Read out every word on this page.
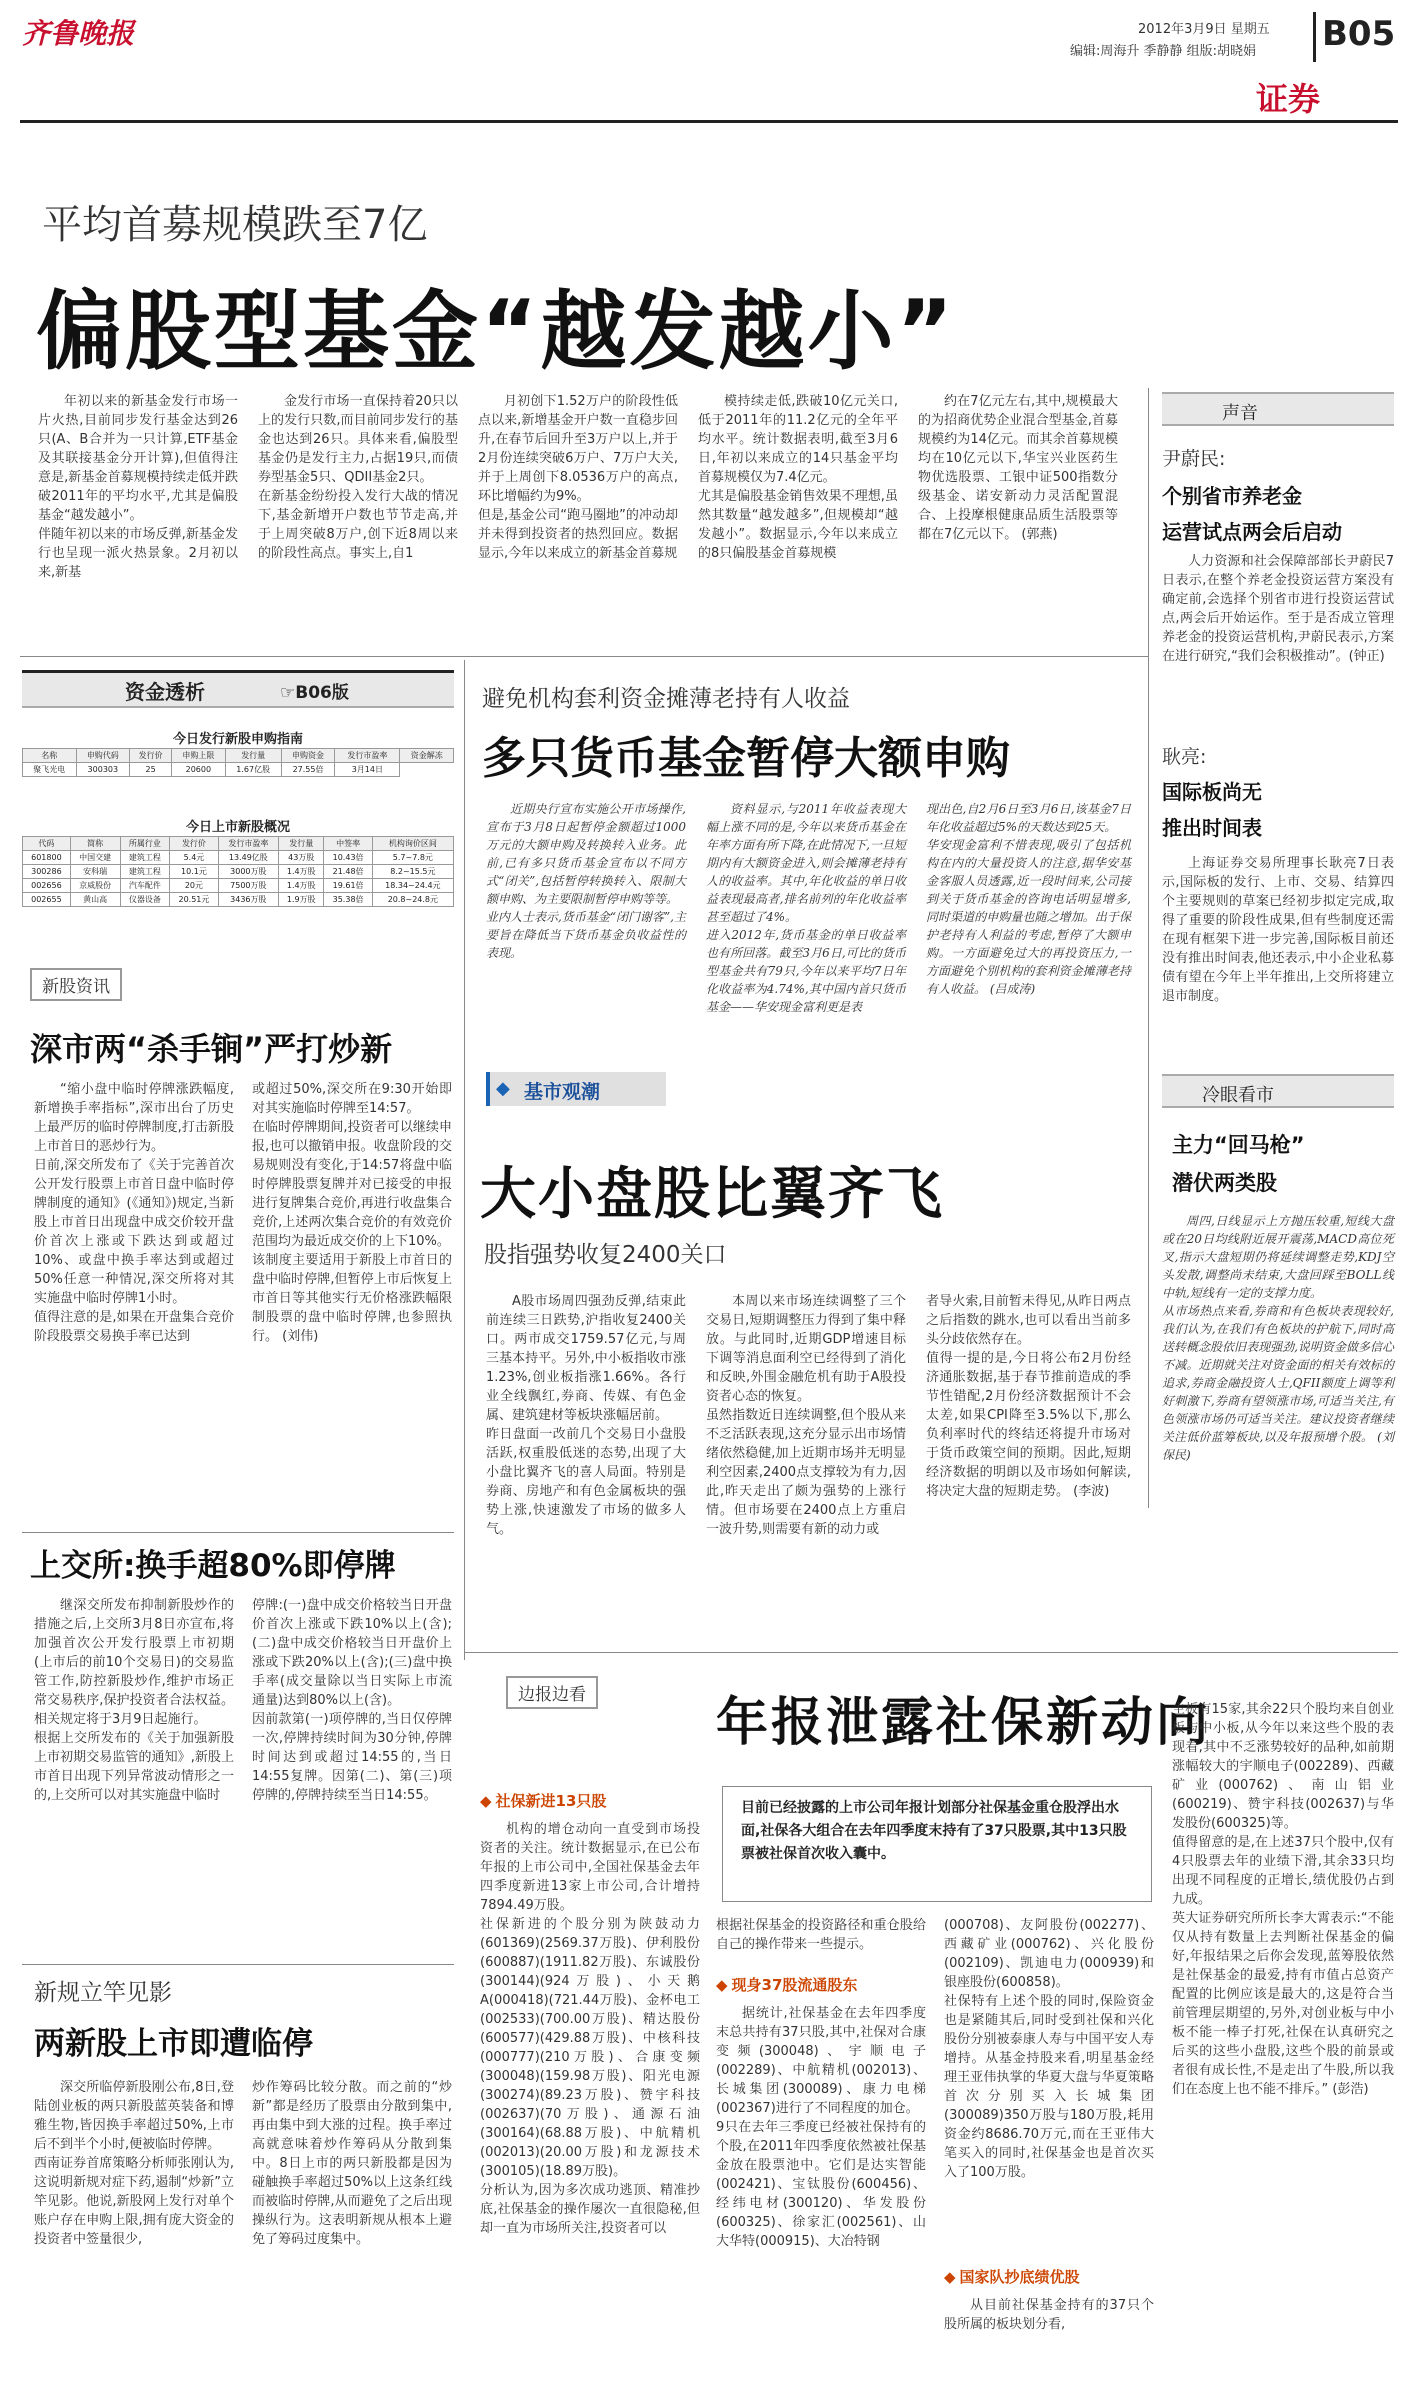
齐鲁晚报	2012年3月9日 星期五
编辑:周海升 季静静 组版:胡晓娟 B05
证券
平均首募规模跌至7亿
偏股型基金“越发越小”
年初以来的新基金发行市场一片火热,目前同步发行基金达到26只(A、B合并为一只计算,ETF基金及其联接基金分开计算),但值得注意是,新基金首募规模持续走低并跌破2011年的平均水平,尤其是偏股基金“越发越小”。
伴随年初以来的市场反弹,新基金发行也呈现一派火热景象。2月初以来,新基
金发行市场一直保持着20只以上的发行只数,而目前同步发行的基金也达到26只。具体来看,偏股型基金仍是发行主力,占据19只,而债券型基金5只、QDII基金2只。
在新基金纷纷投入发行大战的情况下,基金新增开户数也节节走高,并于上周突破8万户,创下近8周以来的阶段性高点。事实上,自1
月初创下1.52万户的阶段性低点以来,新增基金开户数一直稳步回升,在春节后回升至3万户以上,并于2月份连续突破6万户、7万户大关,并于上周创下8.0536万户的高点,环比增幅约为9%。
但是,基金公司“跑马圈地”的冲动却并未得到投资者的热烈回应。数据显示,今年以来成立的新基金首募规
模持续走低,跌破10亿元关口,低于2011年的11.2亿元的全年平均水平。统计数据表明,截至3月6日,年初以来成立的14只基金平均首募规模仅为7.4亿元。
尤其是偏股基金销售效果不理想,虽然其数量“越发越多”,但规模却“越发越小”。数据显示,今年以来成立的8只偏股基金首募规模
约在7亿元左右,其中,规模最大的为招商优势企业混合型基金,首募规模约为14亿元。而其余首募规模均在10亿元以下,华宝兴业医药生物优选股票、工银中证500指数分级基金、诺安新动力灵活配置混合、上投摩根健康品质生活股票等都在7亿元以下。 (郭燕)
声音
尹蔚民:
个别省市养老金
运营试点两会后启动
人力资源和社会保障部部长尹蔚民7日表示,在整个养老金投资运营方案没有确定前,会选择个别省市进行投资运营试点,两会后开始运作。至于是否成立管理养老金的投资运营机构,尹蔚民表示,方案在进行研究,“我们会积极推动”。(钟正)
耿亮:
国际板尚无
推出时间表
上海证券交易所理事长耿亮7日表示,国际板的发行、上市、交易、结算四个主要规则的草案已经初步拟定完成,取得了重要的阶段性成果,但有些制度还需在现有框架下进一步完善,国际板目前还没有推出时间表,他还表示,中小企业私募债有望在今年上半年推出,上交所将建立退市制度。
冷眼看市
主力“回马枪”
潜伏两类股
周四,日线显示上方抛压较重,短线大盘或在20日均线附近展开震荡,MACD高位死叉,指示大盘短期仍将延续调整走势,KDJ空头发散,调整尚未结束,大盘回踩至BOLL线中轨,短线有一定的支撑力度。
从市场热点来看,券商和有色板块表现较好,我们认为,在我们有色板块的护航下,同时高送转概念股依旧表现强劲,说明资金做多信心不减。近期就关注对资金面的相关有效标的追求,券商金融投资人士,QFII额度上调等利好刺激下,券商有望领涨市场,可适当关注,有色领涨市场仍可适当关注。建议投资者继续关注低价蓝筹板块,以及年报预增个股。 (刘保民)
资金透析	☞B06版
今日发行新股申购指南
名称	申购代码	发行价	申购上限	发行量	申购资金	发行市盈率	资金解冻
聚飞光电	300303	25	20600	1.67亿股	27.55倍	3月14日	
今日上市新股概况
代码	简称	所属行业	发行价	发行市盈率	发行量	中签率	机构询价区间
601800	中国交建	建筑工程	5.4元	13.49亿股	43万股	10.43倍	5.7~7.8元
300286	安科瑞	建筑工程	10.1元	3000万股	1.4万股	21.48倍	8.2~15.5元
002656	京威股份	汽车配件	20元	7500万股	1.4万股	19.61倍	18.34~24.4元
002655	黄山高	仪器设备	20.51元	3436万股	1.9万股	35.38倍	20.8~24.8元
新股资讯
深市两“杀手锏”严打炒新
“缩小盘中临时停牌涨跌幅度,新增换手率指标”,深市出台了历史上最严厉的临时停牌制度,打击新股上市首日的恶炒行为。
日前,深交所发布了《关于完善首次公开发行股票上市首日盘中临时停牌制度的通知》(《通知》)规定,当新股上市首日出现盘中成交价较开盘价首次上涨或下跌达到或超过10%、或盘中换手率达到或超过50%任意一种情况,深交所将对其实施盘中临时停牌1小时。
值得注意的是,如果在开盘集合竞价阶段股票交易换手率已达到
或超过50%,深交所在9:30开始即对其实施临时停牌至14:57。
在临时停牌期间,投资者可以继续申报,也可以撤销申报。收盘阶段的交易规则没有变化,于14:57将盘中临时停牌股票复牌并对已接受的申报进行复牌集合竞价,再进行收盘集合竞价,上述两次集合竞价的有效竞价范围均为最近成交价的上下10%。
该制度主要适用于新股上市首日的盘中临时停牌,但暂停上市后恢复上市首日等其他实行无价格涨跌幅限制股票的盘中临时停牌,也参照执行。 (刘伟)
上交所:换手超80%即停牌
继深交所发布抑制新股炒作的措施之后,上交所3月8日亦宣布,将加强首次公开发行股票上市初期(上市后的前10个交易日)的交易监管工作,防控新股炒作,维护市场正常交易秩序,保护投资者合法权益。相关规定将于3月9日起施行。
根据上交所发布的《关于加强新股上市初期交易监管的通知》,新股上市首日出现下列异常波动情形之一的,上交所可以对其实施盘中临时
停牌:(一)盘中成交价格较当日开盘价首次上涨或下跌10%以上(含);(二)盘中成交价格较当日开盘价上涨或下跌20%以上(含);(三)盘中换手率(成交量除以当日实际上市流通量)达到80%以上(含)。
因前款第(一)项停牌的,当日仅停牌一次,停牌持续时间为30分钟,停牌时间达到或超过14:55的,当日14:55复牌。因第(二)、第(三)项停牌的,停牌持续至当日14:55。
新规立竿见影
两新股上市即遭临停
深交所临停新股刚公布,8日,登陆创业板的两只新股蓝英装备和博雅生物,皆因换手率超过50%,上市后不到半个小时,便被临时停牌。
西南证券首席策略分析师张刚认为,这说明新规对症下药,遏制“炒新”立竿见影。他说,新股网上发行对单个账户存在申购上限,拥有庞大资金的投资者中签量很少,
炒作筹码比较分散。而之前的“炒新”都是经历了股票由分散到集中,再由集中到大涨的过程。换手率过高就意味着炒作筹码从分散到集中。8日上市的两只新股都是因为碰触换手率超过50%以上这条红线而被临时停牌,从而避免了之后出现操纵行为。这表明新规从根本上避免了筹码过度集中。
避免机构套利资金摊薄老持有人收益
多只货币基金暂停大额申购
近期央行宣布实施公开市场操作,宣布于3月8日起暂停金额超过1000万元的大额申购及转换转入业务。此前,已有多只货币基金宣布以不同方式“闭关”,包括暂停转换转入、限制大额申购、为主要限制暂停申购等等。
业内人士表示,货币基金“闭门谢客”,主要旨在降低当下货币基金负收益性的表现。
资料显示,与2011年收益表现大幅上涨不同的是,今年以来货币基金在年率方面有所下降,在此情况下,一旦短期内有大额资金进入,则会摊薄老持有人的收益率。其中,年化收益的单日收益表现最高者,排名前列的年化收益率甚至超过了4%。
进入2012年,货币基金的单日收益率也有所回落。截至3月6日,可比的货币型基金共有79只,今年以来平均7日年化收益率为4.74%,其中国内首只货币基金——华安现金富利更是表
现出色,自2月6日至3月6日,该基金7日年化收益超过5%的天数达到25天。
华安现金富利不惜表现,吸引了包括机构在内的大量投资人的注意,据华安基金客服人员透露,近一段时间来,公司接到关于货币基金的咨询电话明显增多,同时渠道的申购量也随之增加。出于保护老持有人利益的考虑,暂停了大额申购。一方面避免过大的再投资压力,一方面避免个别机构的套利资金摊薄老持有人收益。 (吕成涛)
基市观潮
◆
大小盘股比翼齐飞
股指强势收复2400关口
A股市场周四强劲反弹,结束此前连续三日跌势,沪指收复2400关口。两市成交1759.57亿元,与周三基本持平。另外,中小板指收市涨1.23%,创业板指涨1.66%。各行业全线飘红,券商、传媒、有色金属、建筑建材等板块涨幅居前。
昨日盘面一改前几个交易日小盘股活跃,权重股低迷的态势,出现了大小盘比翼齐飞的喜人局面。特别是券商、房地产和有色金属板块的强势上涨,快速激发了市场的做多人气。
本周以来市场连续调整了三个交易日,短期调整压力得到了集中释放。与此同时,近期GDP增速目标下调等消息面利空已经得到了消化和反映,外围金融危机有助于A股投资者心态的恢复。
虽然指数近日连续调整,但个股从来不乏活跃表现,这充分显示出市场情绪依然稳健,加上近期市场并无明显利空因素,2400点支撑较为有力,因此,昨天走出了颇为强势的上涨行情。但市场要在2400点上方重启一波升势,则需要有新的动力或
者导火索,目前暂未得见,从昨日两点之后指数的跳水,也可以看出当前多头分歧依然存在。
值得一提的是,今日将公布2月份经济通胀数据,基于春节推前造成的季节性错配,2月份经济数据预计不会太差,如果CPI降至3.5%以下,那么负利率时代的终结还将提升市场对于货币政策空间的预期。因此,短期经济数据的明朗以及市场如何解读,将决定大盘的短期走势。 (李波)
边报边看	年报泄露社保新动向
目前已经披露的上市公司年报计划部分社保基金重仓股浮出水面,社保各大组合在去年四季度末持有了37只股票,其中13只股票被社保首次收入囊中。
◆ 社保新进13只股
机构的增仓动向一直受到市场投资者的关注。统计数据显示,在已公布年报的上市公司中,全国社保基金去年四季度新进13家上市公司,合计增持7894.49万股。
社保新进的个股分别为陕鼓动力(601369)(2569.37万股)、伊利股份(600887)(1911.82万股)、东诚股份(300144)(924万股)、小天鹅A(000418)(721.44万股)、金杯电工(002533)(700.00万股)、精达股份(600577)(429.88万股)、中核科技(000777)(210万股)、合康变频(300048)(159.98万股)、阳光电源(300274)(89.23万股)、赞宇科技(002637)(70万股)、通源石油(300164)(68.88万股)、中航精机(002013)(20.00万股)和龙源技术(300105)(18.89万股)。
分析认为,因为多次成功逃顶、精准抄底,社保基金的操作屡次一直很隐秘,但却一直为市场所关注,投资者可以
根据社保基金的投资路径和重仓股给自己的操作带来一些提示。
◆ 现身37股流通股东
据统计,社保基金在去年四季度末总共持有37只股,其中,社保对合康变频(300048)、宇顺电子(002289)、中航精机(002013)、长城集团(300089)、康力电梯(002367)进行了不同程度的加仓。
9只在去年三季度已经被社保持有的个股,在2011年四季度依然被社保基金放在股票池中。它们是达实智能(002421)、宝钛股份(600456)、经纬电材(300120)、华发股份(600325)、徐家汇(002561)、山大华特(000915)、大冶特钢
(000708)、友阿股份(002277)、西藏矿业(000762)、兴化股份(002109)、凯迪电力(000939)和银座股份(600858)。
社保特有上述个股的同时,保险资金也是紧随其后,同时受到社保和兴化股份分别被泰康人寿与中国平安人寿增持。从基金持股来看,明星基金经理王亚伟执掌的华夏大盘与华夏策略首次分别买入长城集团(300089)350万股与180万股,耗用资金约8686.70万元,而在王亚伟大笔买入的同时,社保基金也是首次买入了100万股。
◆ 国家队抄底绩优股
从目前社保基金持有的37只个股所属的板块划分看,
主板有15家,其余22只个股均来自创业板与中小板,从今年以来这些个股的表现看,其中不乏涨势较好的品种,如前期涨幅较大的宇顺电子(002289)、西藏矿业(000762)、南山铝业(600219)、赞宇科技(002637)与华发股份(600325)等。
值得留意的是,在上述37只个股中,仅有4只股票去年的业绩下滑,其余33只均出现不同程度的正增长,绩优股仍占到九成。
英大证券研究所所长李大霄表示:“不能仅从持有数量上去判断社保基金的偏好,年报结果之后你会发现,蓝筹股依然是社保基金的最爱,持有市值占总资产配置的比例应该是最大的,这是符合当前管理层期望的,另外,对创业板与中小板不能一棒子打死,社保在认真研究之后买的这些小盘股,这些个股的前景或者很有成长性,不是走出了牛股,所以我们在态度上也不能不排斥。” (彭浩)
